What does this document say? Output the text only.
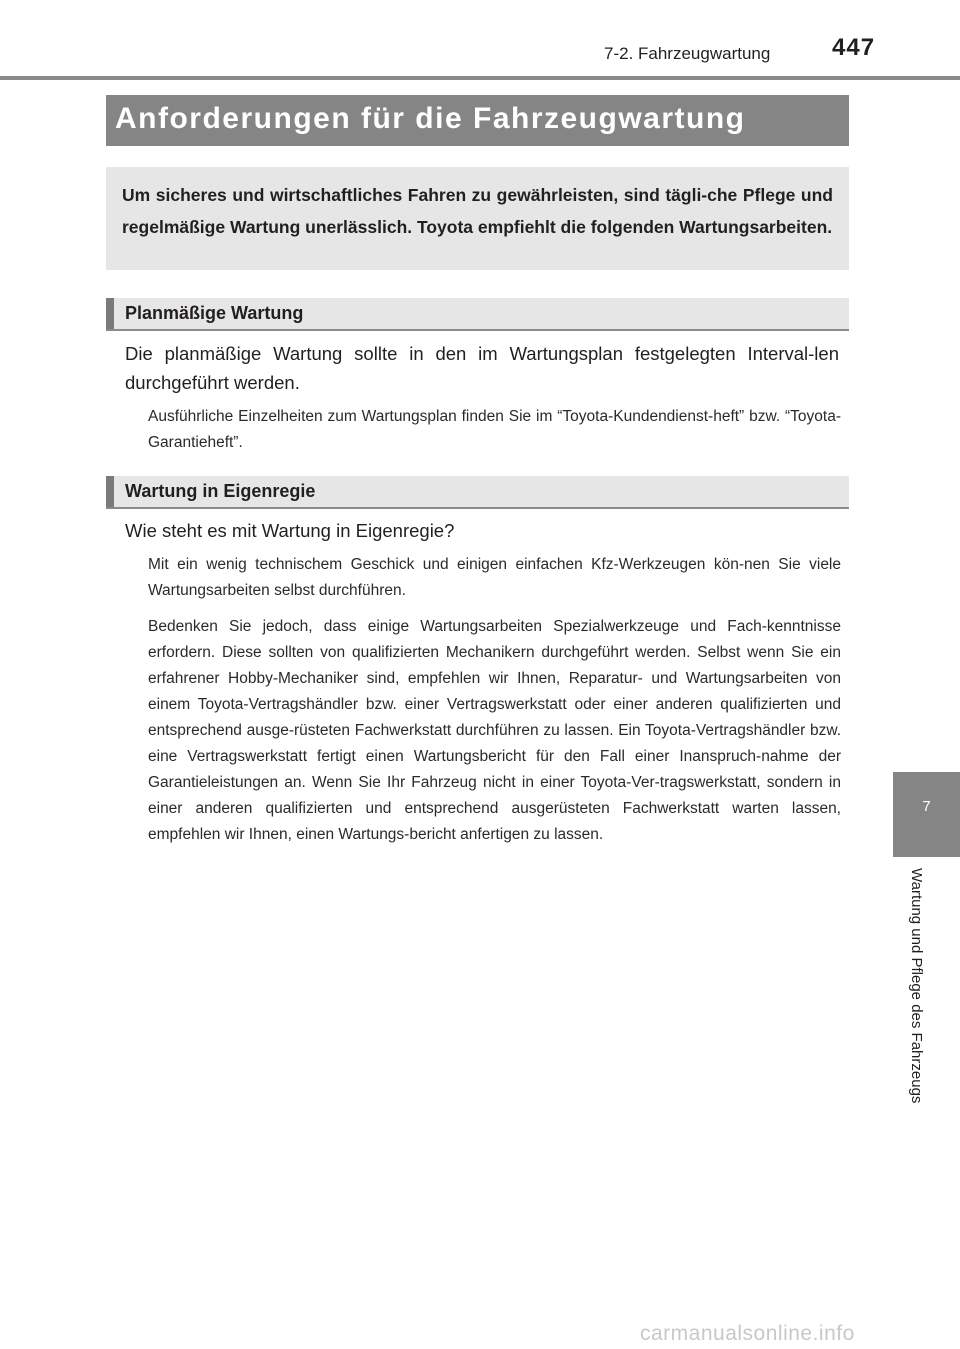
7-2. Fahrzeugwartung	447
Anforderungen für die Fahrzeugwartung

Um sicheres und wirtschaftliches Fahren zu gewährleisten, sind tägli-che Pflege und regelmäßige Wartung unerlässlich. Toyota empfiehlt die folgenden Wartungsarbeiten.

Planmäßige Wartung

Die planmäßige Wartung sollte in den im Wartungsplan festgelegten Interval-len durchgeführt werden.

Ausführliche Einzelheiten zum Wartungsplan finden Sie im “Toyota-Kundendienst-heft” bzw. “Toyota-Garantieheft”.

Wartung in Eigenregie

Wie steht es mit Wartung in Eigenregie?

Mit ein wenig technischem Geschick und einigen einfachen Kfz-Werkzeugen kön-nen Sie viele Wartungsarbeiten selbst durchführen.

Bedenken Sie jedoch, dass einige Wartungsarbeiten Spezialwerkzeuge und Fach-kenntnisse erfordern. Diese sollten von qualifizierten Mechanikern durchgeführt werden. Selbst wenn Sie ein erfahrener Hobby-Mechaniker sind, empfehlen wir Ihnen, Reparatur- und Wartungsarbeiten von einem Toyota-Vertragshändler bzw. einer Vertragswerkstatt oder einer anderen qualifizierten und entsprechend ausge-rüsteten Fachwerkstatt durchführen zu lassen. Ein Toyota-Vertragshändler bzw. eine Vertragswerkstatt fertigt einen Wartungsbericht für den Fall einer Inanspruch-nahme der Garantieleistungen an. Wenn Sie Ihr Fahrzeug nicht in einer Toyota-Ver-tragswerkstatt, sondern in einer anderen qualifizierten und entsprechend ausgerüsteten Fachwerkstatt warten lassen, empfehlen wir Ihnen, einen Wartungs-bericht anfertigen zu lassen.

7
Wartung und Pflege des Fahrzeugs
carmanualsonline.info
